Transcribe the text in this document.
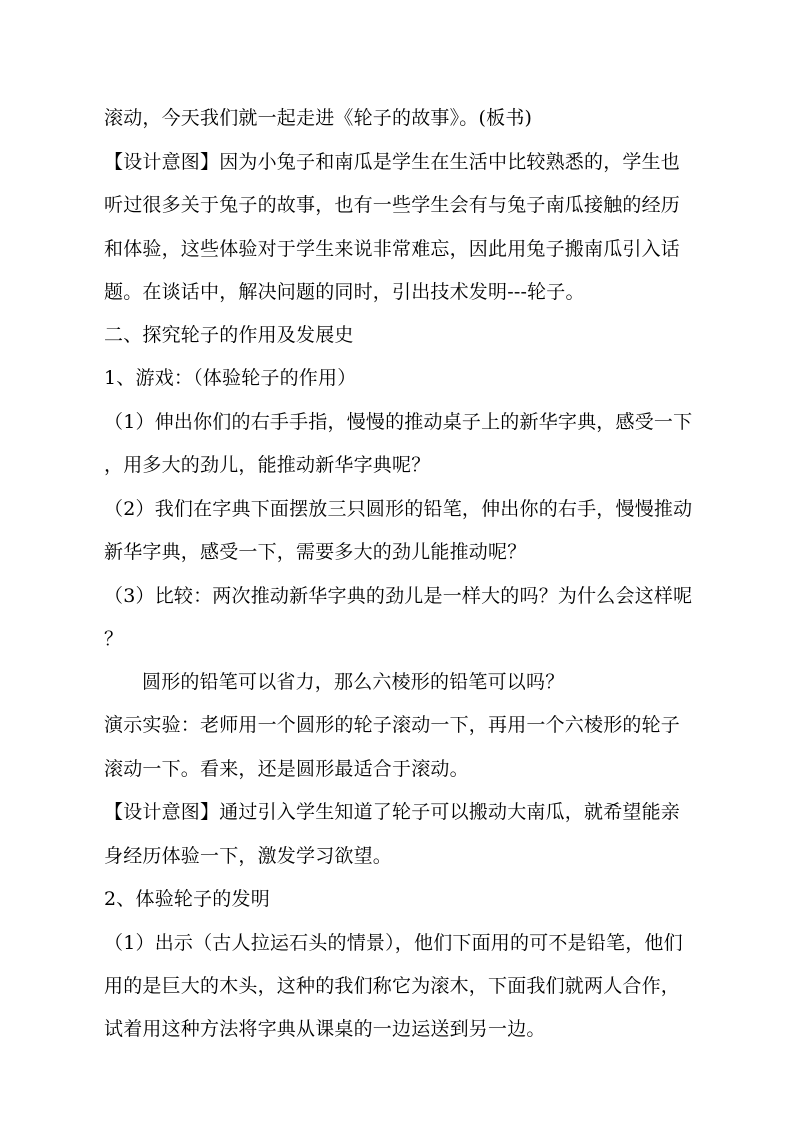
滚动，今天我们就一起走进《轮子的故事》。(板书)
【设计意图】因为小兔子和南瓜是学生在生活中比较熟悉的，学生也
听过很多关于兔子的故事，也有一些学生会有与兔子南瓜接触的经历
和体验，这些体验对于学生来说非常难忘，因此用兔子搬南瓜引入话
题。在谈话中，解决问题的同时，引出技术发明---轮子。
二、探究轮子的作用及发展史
1、游戏：（体验轮子的作用）
（1）伸出你们的右手手指，慢慢的推动桌子上的新华字典，感受一下
，用多大的劲儿，能推动新华字典呢？
（2）我们在字典下面摆放三只圆形的铅笔，伸出你的右手，慢慢推动
新华字典，感受一下，需要多大的劲儿能推动呢？
（3）比较：两次推动新华字典的劲儿是一样大的吗？为什么会这样呢
？
圆形的铅笔可以省力，那么六棱形的铅笔可以吗？
演示实验：老师用一个圆形的轮子滚动一下，再用一个六棱形的轮子
滚动一下。看来，还是圆形最适合于滚动。
【设计意图】通过引入学生知道了轮子可以搬动大南瓜，就希望能亲
身经历体验一下，激发学习欲望。
2、体验轮子的发明
（1）出示（古人拉运石头的情景），他们下面用的可不是铅笔，他们
用的是巨大的木头，这种的我们称它为滚木，下面我们就两人合作，
试着用这种方法将字典从课桌的一边运送到另一边。
